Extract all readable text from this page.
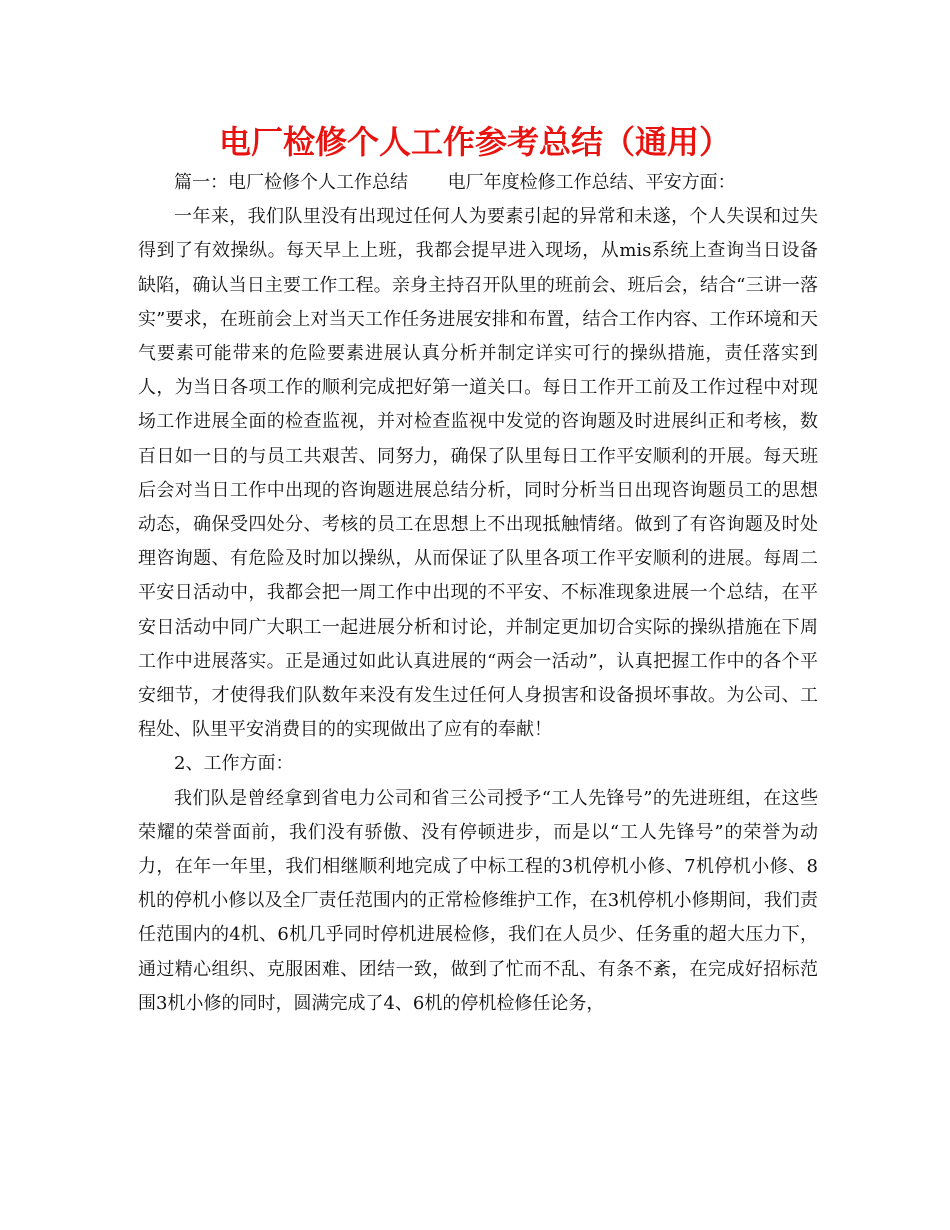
电厂检修个人工作参考总结（通用）

篇一：电厂检修个人工作总结 电厂年度检修工作总结、平安方面：

一年来，我们队里没有出现过任何人为要素引起的异常和未遂，个人失误和过失得到了有效操纵。每天早上上班，我都会提早进入现场，从mis系统上查询当日设备缺陷，确认当日主要工作工程。亲身主持召开队里的班前会、班后会，结合“三讲一落实”要求，在班前会上对当天工作任务进展安排和布置，结合工作内容、工作环境和天气要素可能带来的危险要素进展认真分析并制定详实可行的操纵措施，责任落实到人，为当日各项工作的顺利完成把好第一道关口。每日工作开工前及工作过程中对现场工作进展全面的检查监视，并对检查监视中发觉的咨询题及时进展纠正和考核，数百日如一日的与员工共艰苦、同努力，确保了队里每日工作平安顺利的开展。每天班后会对当日工作中出现的咨询题进展总结分析，同时分析当日出现咨询题员工的思想动态，确保受四处分、考核的员工在思想上不出现抵触情绪。做到了有咨询题及时处理咨询题、有危险及时加以操纵，从而保证了队里各项工作平安顺利的进展。每周二平安日活动中，我都会把一周工作中出现的不平安、不标准现象进展一个总结，在平安日活动中同广大职工一起进展分析和讨论，并制定更加切合实际的操纵措施在下周工作中进展落实。正是通过如此认真进展的“两会一活动”，认真把握工作中的各个平安细节，才使得我们队数年来没有发生过任何人身损害和设备损坏事故。为公司、工程处、队里平安消费目的的实现做出了应有的奉献！

2、工作方面：

我们队是曾经拿到省电力公司和省三公司授予“工人先锋号”的先进班组，在这些荣耀的荣誉面前，我们没有骄傲、没有停顿进步，而是以“工人先锋号”的荣誉为动力，在年一年里，我们相继顺利地完成了中标工程的3机停机小修、7机停机小修、8机的停机小修以及全厂责任范围内的正常检修维护工作，在3机停机小修期间，我们责任范围内的4机、6机几乎同时停机进展检修，我们在人员少、任务重的超大压力下，通过精心组织、克服困难、团结一致，做到了忙而不乱、有条不紊，在完成好招标范围3机小修的同时，圆满完成了4、6机的停机检修任论务，
